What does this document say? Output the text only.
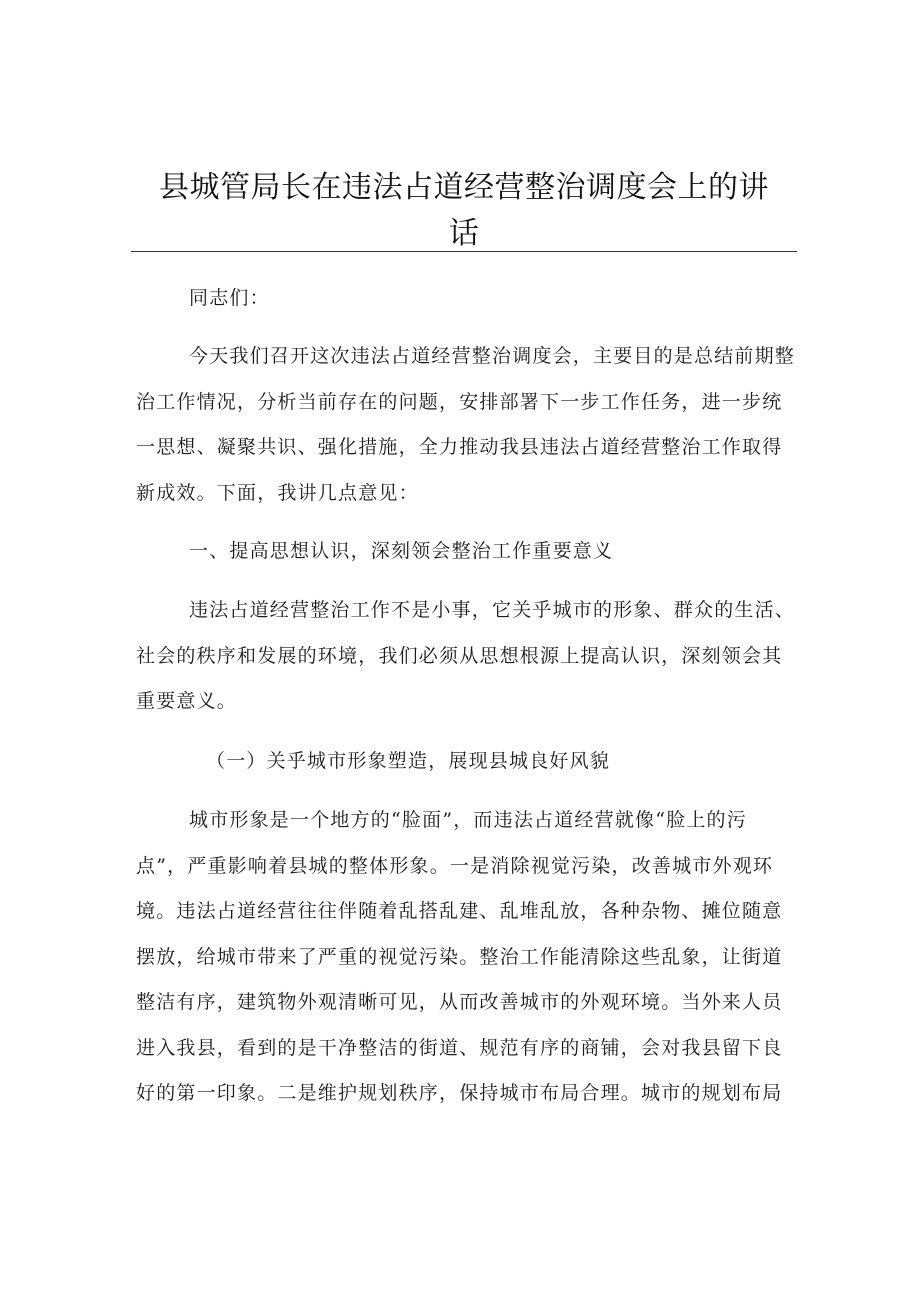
县城管局长在违法占道经营整治调度会上的讲
话

同志们：

今天我们召开这次违法占道经营整治调度会，主要目的是总结前期整
治工作情况，分析当前存在的问题，安排部署下一步工作任务，进一步统
一思想、凝聚共识、强化措施，全力推动我县违法占道经营整治工作取得
新成效。下面，我讲几点意见：

一、提高思想认识，深刻领会整治工作重要意义

违法占道经营整治工作不是小事，它关乎城市的形象、群众的生活、
社会的秩序和发展的环境，我们必须从思想根源上提高认识，深刻领会其
重要意义。

（一）关乎城市形象塑造，展现县城良好风貌

城市形象是一个地方的“脸面”，而违法占道经营就像“脸上的污
点”，严重影响着县城的整体形象。一是消除视觉污染，改善城市外观环
境。违法占道经营往往伴随着乱搭乱建、乱堆乱放，各种杂物、摊位随意
摆放，给城市带来了严重的视觉污染。整治工作能清除这些乱象，让街道
整洁有序，建筑物外观清晰可见，从而改善城市的外观环境。当外来人员
进入我县，看到的是干净整洁的街道、规范有序的商铺，会对我县留下良
好的第一印象。二是维护规划秩序，保持城市布局合理。城市的规划布局
